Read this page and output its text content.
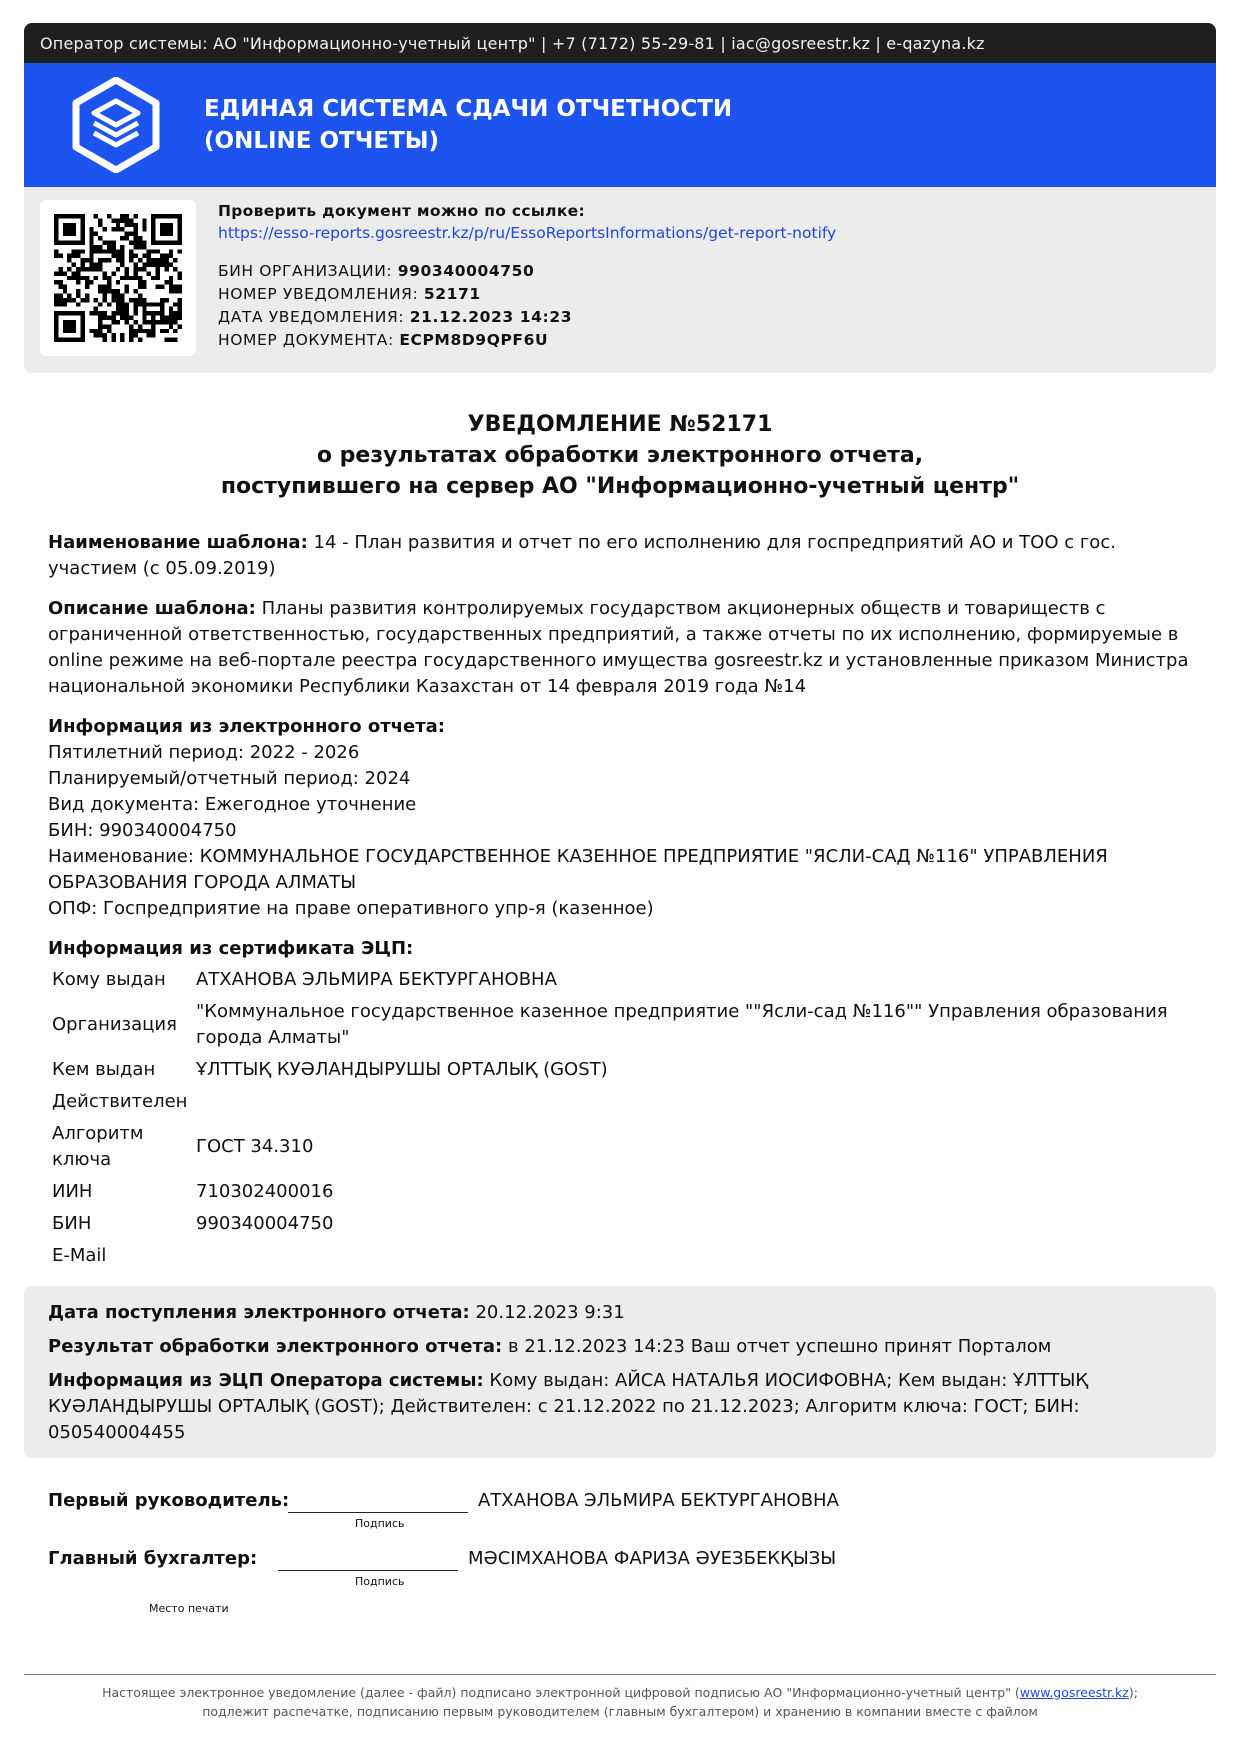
Оператор системы: АО "Информационно-учетный центр" | +7 (7172) 55-29-81 | iac@gosreestr.kz | e-qazyna.kz
ЕДИНАЯ СИСТЕМА СДАЧИ ОТЧЕТНОСТИ
(ONLINE ОТЧЕТЫ)
Проверить документ можно по ссылке:
https://esso-reports.gosreestr.kz/p/ru/EssoReportsInformations/get-report-notify
БИН ОРГАНИЗАЦИИ: 990340004750
НОМЕР УВЕДОМЛЕНИЯ: 52171
ДАТА УВЕДОМЛЕНИЯ: 21.12.2023 14:23
НОМЕР ДОКУМЕНТА: ECPM8D9QPF6U
УВЕДОМЛЕНИЕ №52171
о результатах обработки электронного отчета,
поступившего на сервер АО "Информационно-учетный центр"
Наименование шаблона: 14 - План развития и отчет по его исполнению для госпредприятий АО и ТОО с гос. участием (с 05.09.2019)
Описание шаблона: Планы развития контролируемых государством акционерных обществ и товариществ с ограниченной ответственностью, государственных предприятий, а также отчеты по их исполнению, формируемые в online режиме на веб-портале реестра государственного имущества gosreestr.kz и установленные приказом Министра национальной экономики Республики Казахстан от 14 февраля 2019 года №14
Информация из электронного отчета:
Пятилетний период: 2022 - 2026
Планируемый/отчетный период: 2024
Вид документа: Ежегодное уточнение
БИН: 990340004750
Наименование: КОММУНАЛЬНОЕ ГОСУДАРСТВЕННОЕ КАЗЕННОЕ ПРЕДПРИЯТИЕ "ЯСЛИ-САД №116" УПРАВЛЕНИЯ ОБРАЗОВАНИЯ ГОРОДА АЛМАТЫ
ОПФ: Госпредприятие на праве оперативного упр-я (казенное)
Информация из сертификата ЭЦП:
Кому выдан	АТХАНОВА ЭЛЬМИРА БЕКТУРГАНОВНА
Организация	"Коммунальное государственное казенное предприятие ""Ясли-сад №116"" Управления образования города Алматы"
Кем выдан	ҰЛТТЫҚ КУӘЛАНДЫРУШЫ ОРТАЛЫҚ (GOST)
Действителен	
Алгоритм ключа	ГОСТ 34.310
ИИН	710302400016
БИН	990340004750
E-Mail	
Дата поступления электронного отчета: 20.12.2023 9:31
Результат обработки электронного отчета: в 21.12.2023 14:23 Ваш отчет успешно принят Порталом
Информация из ЭЦП Оператора системы: Кому выдан: АЙСА НАТАЛЬЯ ИОСИФОВНА; Кем выдан: ҰЛТТЫҚ КУӘЛАНДЫРУШЫ ОРТАЛЫҚ (GOST); Действителен: с 21.12.2022 по 21.12.2023; Алгоритм ключа: ГОСТ; БИН: 050540004455
Первый руководитель:
Подпись
АТХАНОВА ЭЛЬМИРА БЕКТУРГАНОВНА
Главный бухгалтер:
Подпись
МӘСІМХАНОВА ФАРИЗА ӘУЕЗБЕКҚЫЗЫ
Место печати
Настоящее электронное уведомление (далее - файл) подписано электронной цифровой подписью АО "Информационно-учетный центр" (www.gosreestr.kz);
подлежит распечатке, подписанию первым руководителем (главным бухгалтером) и хранению в компании вместе с файлом
